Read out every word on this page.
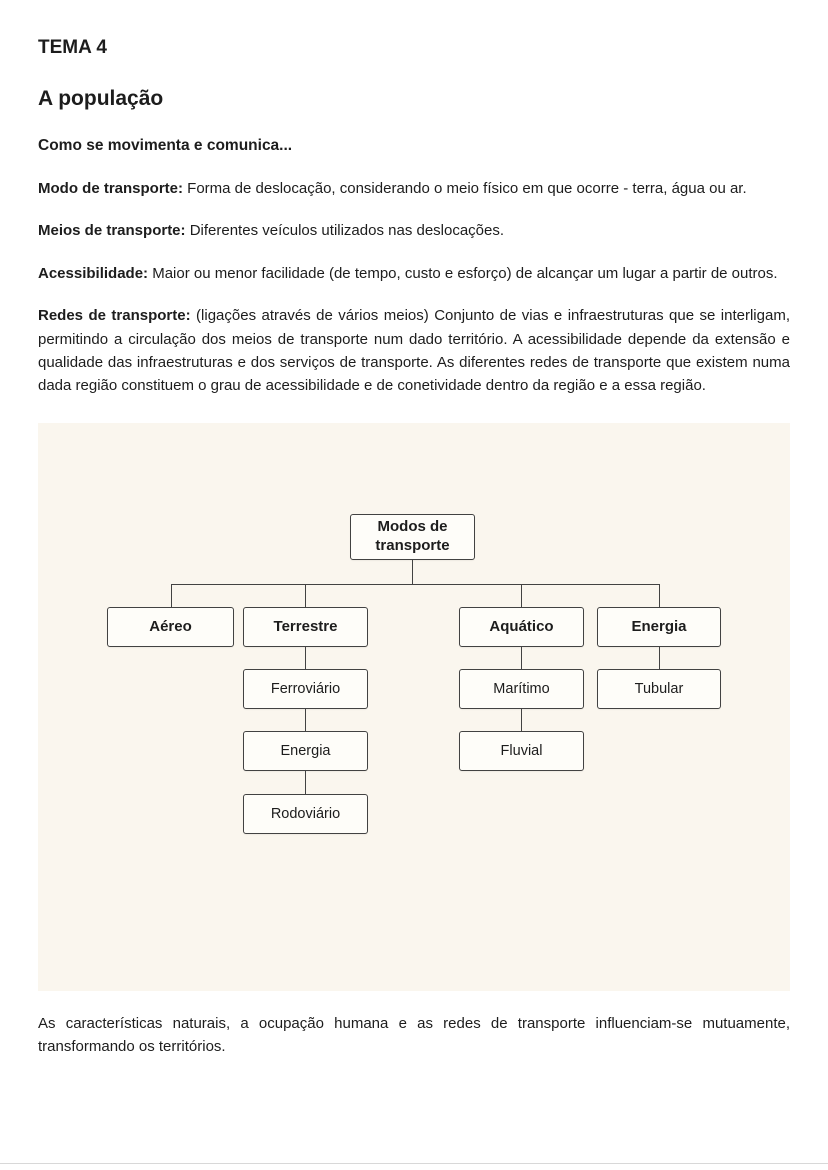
TEMA 4
A população

Como se movimenta e comunica...

Modo de transporte: Forma de deslocação, considerando o meio físico em que ocorre - terra, água ou ar.

Meios de transporte: Diferentes veículos utilizados nas deslocações.

Acessibilidade: Maior ou menor facilidade (de tempo, custo e esforço) de alcançar um lugar a partir de outros.

Redes de transporte: (ligações através de vários meios) Conjunto de vias e infraestruturas que se interligam, permitindo a circulação dos meios de transporte num dado território. A acessibilidade depende da extensão e qualidade das infraestruturas e dos serviços de transporte. As diferentes redes de transporte que existem numa dada região constituem o grau de acessibilidade e de conetividade dentro da região e a essa região.

Modos de transporte
Aéreo	Terrestre	Aquático	Energia
Ferroviário
Energia
Rodoviário
Marítimo
Fluvial
Tubular

As características naturais, a ocupação humana e as redes de transporte influenciam-se mutuamente, transformando os territórios.
